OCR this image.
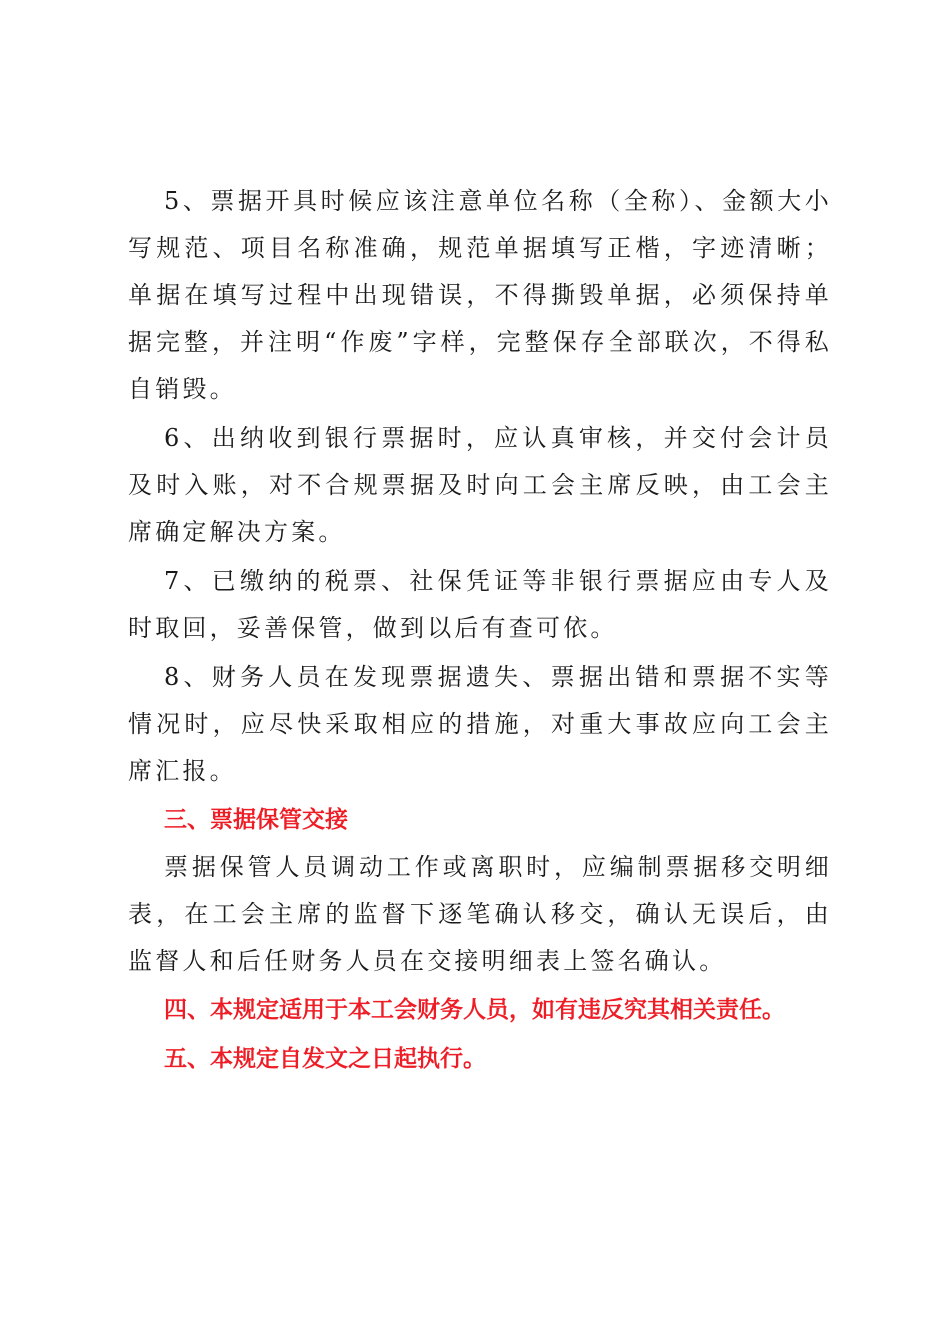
5、票据开具时候应该注意单位名称（全称）、金额大小写规范、项目名称准确，规范单据填写正楷，字迹清晰；单据在填写过程中出现错误，不得撕毁单据，必须保持单据完整，并注明“作废”字样，完整保存全部联次，不得私自销毁。

6、出纳收到银行票据时，应认真审核，并交付会计员及时入账，对不合规票据及时向工会主席反映，由工会主席确定解决方案。

7、已缴纳的税票、社保凭证等非银行票据应由专人及时取回，妥善保管，做到以后有查可依。

8、财务人员在发现票据遗失、票据出错和票据不实等情况时，应尽快采取相应的措施，对重大事故应向工会主席汇报。

三、票据保管交接

票据保管人员调动工作或离职时，应编制票据移交明细表，在工会主席的监督下逐笔确认移交，确认无误后，由监督人和后任财务人员在交接明细表上签名确认。

四、本规定适用于本工会财务人员，如有违反究其相关责任。
五、本规定自发文之日起执行。
